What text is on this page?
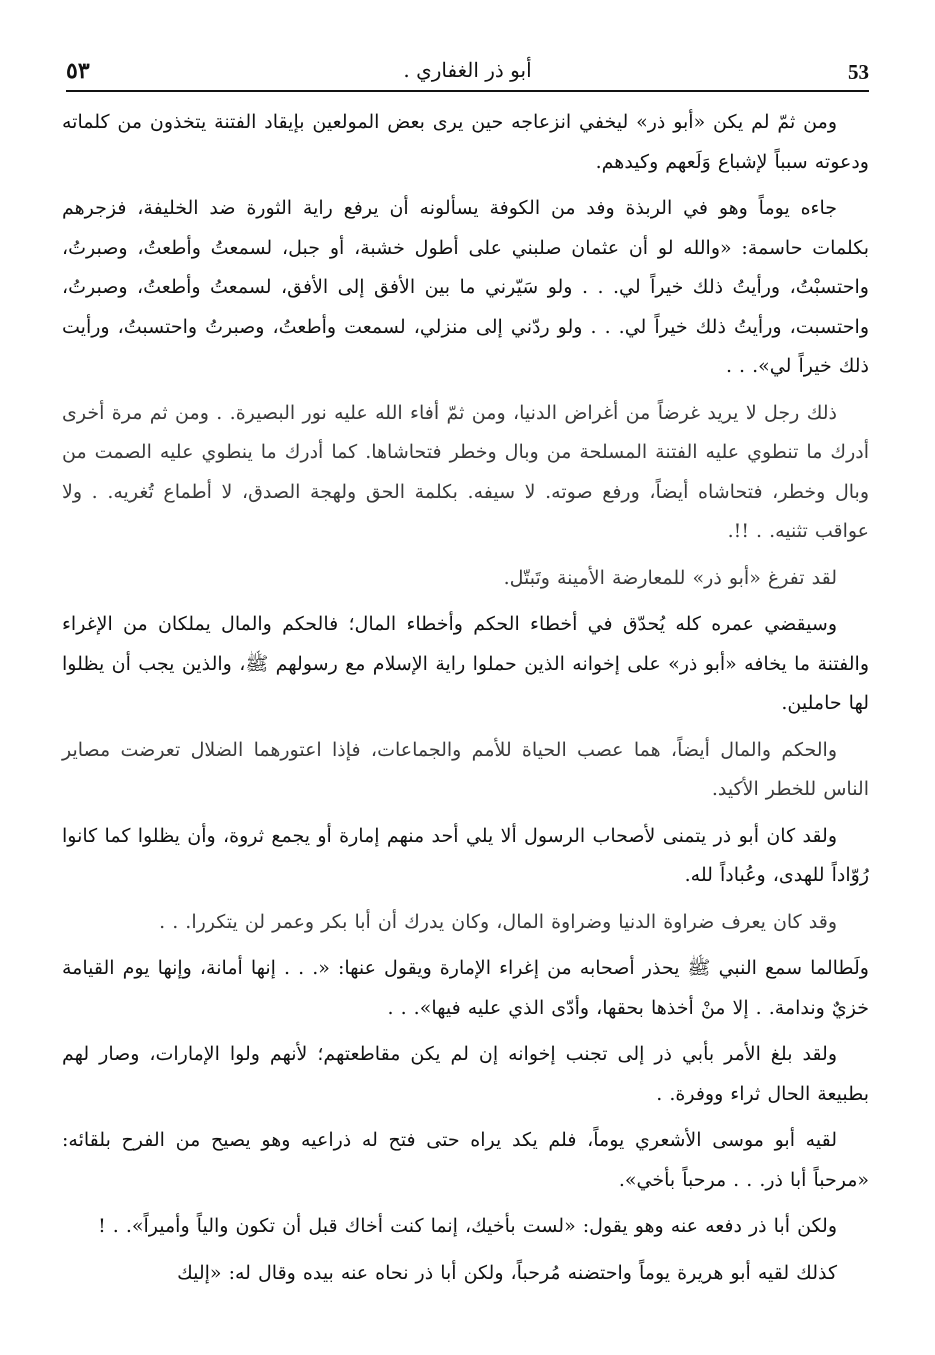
53
أبو ذر الغفاري .
٥٣

ومن ثمّ لم يكن «أبو ذر» ليخفي انزعاجه حين يرى بعض المولعين بإيقاد الفتنة يتخذون من كلماته ودعوته سبباً لإشباع وَلَعهم وكيدهم.

جاءه يوماً وهو في الربذة وفد من الكوفة يسألونه أن يرفع راية الثورة ضد الخليفة، فزجرهم بكلمات حاسمة: «والله لو أن عثمان صلبني على أطول خشبة، أو جبل، لسمعتُ وأطعتُ، وصبرتُ، واحتسبْتُ، ورأيتُ ذلك خيراً لي. . . ولو سَيّرني ما بين الأفق إلى الأفق، لسمعتُ وأطعتُ، وصبرتُ، واحتسبت، ورأيتُ ذلك خيراً لي. . . ولو ردّني إلى منزلي، لسمعت وأطعتُ، وصبرتُ واحتسبتُ، ورأيت ذلك خيراً لي». . .

ذلك رجل لا يريد غرضاً من أغراض الدنيا، ومن ثمّ أفاء الله عليه نور البصيرة. . ومن ثم مرة أخرى أدرك ما تنطوي عليه الفتنة المسلحة من وبال وخطر فتحاشاها. كما أدرك ما ينطوي عليه الصمت من وبال وخطر، فتحاشاه أيضاً، ورفع صوته. لا سيفه. بكلمة الحق ولهجة الصدق، لا أطماع تُغريه. . ولا عواقب تثنيه. . !!.

لقد تفرغ «أبو ذر» للمعارضة الأمينة وتَبتّل.

وسيقضي عمره كله يُحدّق في أخطاء الحكم وأخطاء المال؛ فالحكم والمال يملكان من الإغراء والفتنة ما يخافه «أبو ذر» على إخوانه الذين حملوا راية الإسلام مع رسولهم ﷺ، والذين يجب أن يظلوا لها حاملين.

والحكم والمال أيضاً، هما عصب الحياة للأمم والجماعات، فإذا اعتورهما الضلال تعرضت مصاير الناس للخطر الأكيد.

ولقد كان أبو ذر يتمنى لأصحاب الرسول ألا يلي أحد منهم إمارة أو يجمع ثروة، وأن يظلوا كما كانوا رُوّاداً للهدى، وعُباداً لله.

وقد كان يعرف ضراوة الدنيا وضراوة المال، وكان يدرك أن أبا بكر وعمر لن يتكررا. . .

ولَطالما سمع النبي ﷺ يحذر أصحابه من إغراء الإمارة ويقول عنها: «. . . إنها أمانة، وإنها يوم القيامة خزيٌ وندامة. . إلا منْ أخذها بحقها، وأدّى الذي عليه فيها». . .

ولقد بلغ الأمر بأبي ذر إلى تجنب إخوانه إن لم يكن مقاطعتهم؛ لأنهم ولوا الإمارات، وصار لهم بطبيعة الحال ثراء ووفرة. .

لقيه أبو موسى الأشعري يوماً، فلم يكد يراه حتى فتح له ذراعيه وهو يصيح من الفرح بلقائه: «مرحباً أبا ذر. . . مرحباً بأخي».

ولكن أبا ذر دفعه عنه وهو يقول: «لست بأخيك، إنما كنت أخاك قبل أن تكون والياً وأميراً». . !

كذلك لقيه أبو هريرة يوماً واحتضنه مُرحباً، ولكن أبا ذر نحاه عنه بيده وقال له: «إليك
